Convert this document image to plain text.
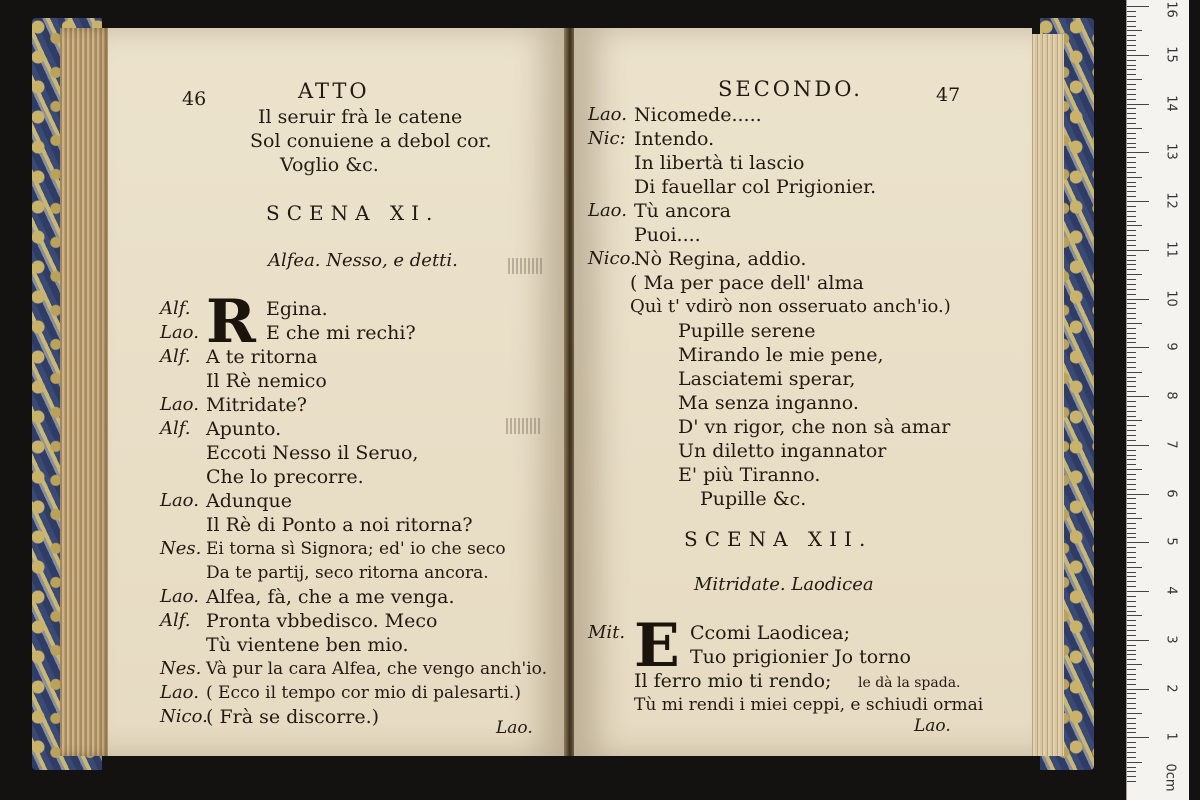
46	ATTO
Il seruir frà le catene
Sol conuiene a debol cor.
Voglio &c.
SCENA XI.
Alfea. Nesso, e detti.
R
Alf.	Egina.
Lao.	E che mi rechi?
Alf. A te ritorna
Il Rè nemico
Lao. Mitridate?
Alf. Apunto.
Eccoti Nesso il Seruo,
Che lo precorre.
Lao. Adunque
Il Rè di Ponto a noi ritorna?
Nes. Ei torna sì Signora; ed' io che seco
Da te partij, seco ritorna ancora.
Lao. Alfea, fà, che a me venga.
Alf. Pronta vbbedisco. Meco
Tù vientene ben mio.
Nes. Và pur la cara Alfea, che vengo anch'io.
Lao. ( Ecco il tempo cor mio di palesarti.)
Nico.
( Frà se discorre.)	Lao.
SECONDO.	47
Lao. Nicomede.....
Nic: Intendo.
In libertà ti lascio
Di fauellar col Prigionier.
Lao. Tù ancora
Puoi....
Nico.
Nò Regina, addio.
( Ma per pace dell' alma
Quì t' vdirò non osseruato anch'io.)
Pupille serene
Mirando le mie pene,
Lasciatemi sperar,
Ma senza inganno.
D' vn rigor, che non sà amar
Un diletto ingannator
E' più Tiranno.
Pupille &c.
SCENA XII.
Mitridate. Laodicea
Mit. E Ccomi Laodicea;
Tuo prigionier Jo torno
Il ferro mio ti rendo; le dà la spada.
Tù mi rendi i miei ceppi, e schiudi ormai
Lao.
16
15
14
13
12
11
10
9
8
7
6
5
4
3
2
1
0cm
